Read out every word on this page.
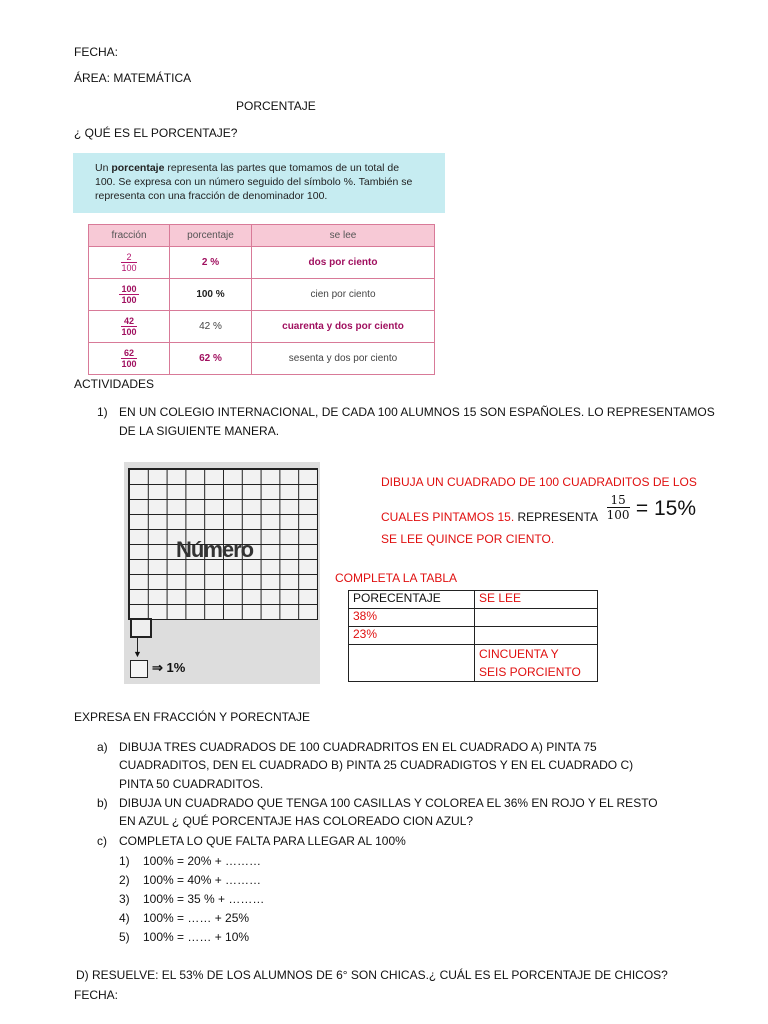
FECHA:
ÁREA: MATEMÁTICA
PORCENTAJE
¿ QUÉ ES EL PORCENTAJE?
Un porcentaje representa las partes que tomamos de un total de
100. Se expresa con un número seguido del símbolo %. También se
representa con una fracción de denominador 100.
fracción	porcentaje	se lee

$\frac{2}{100}$	2 %	dos por ciento

$\frac{100}{100}$	100 %	cien por ciento

$\frac{42}{100}$	42 %	cuarenta y dos por ciento

$\frac{62}{100}$	62 %	sesenta y dos por ciento
ACTIVIDADES
1) EN UN COLEGIO INTERNACIONAL, DE CADA 100 ALUMNOS 15 SON ESPAÑOLES. LO REPRESENTAMOS
DE LA SIGUIENTE MANERA.
Número
▼
⇒ 1%
DIBUJA UN CUADRADO DE 100 CUADRADITOS DE LOS
CUALES PINTAMOS 15. REPRESENTA $\frac{15}{100} = 15\%$
SE LEE QUINCE POR CIENTO.
COMPLETA LA TABLA
PORECENTAJE	SE LEE
38%	
23%	

	CINCUENTA Y
SEIS PORCIENTO
EXPRESA EN FRACCIÓN Y PORECNTAJE
a) DIBUJA TRES CUADRADOS DE 100 CUADRADRITOS EN EL CUADRADO A) PINTA 75
CUADRADITOS, DEN EL CUADRADO B) PINTA 25 CUADRADIGTOS Y EN EL CUADRADO C)
PINTA 50 CUADRADITOS.
b) DIBUJA UN CUADRADO QUE TENGA 100 CASILLAS Y COLOREA EL 36% EN ROJO Y EL RESTO
EN AZUL ¿ QUÉ PORCENTAJE HAS COLOREADO CION AZUL?
c) COMPLETA LO QUE FALTA PARA LLEGAR AL 100%
1) 100% = 20% + ………
2) 100% = 40% + ………
3) 100% = 35 % + ………
4) 100% = …… + 25%
5) 100% = …… + 10%
D) RESUELVE: EL 53% DE LOS ALUMNOS DE 6° SON CHICAS.¿ CUÁL ES EL PORCENTAJE DE CHICOS?
FECHA:
